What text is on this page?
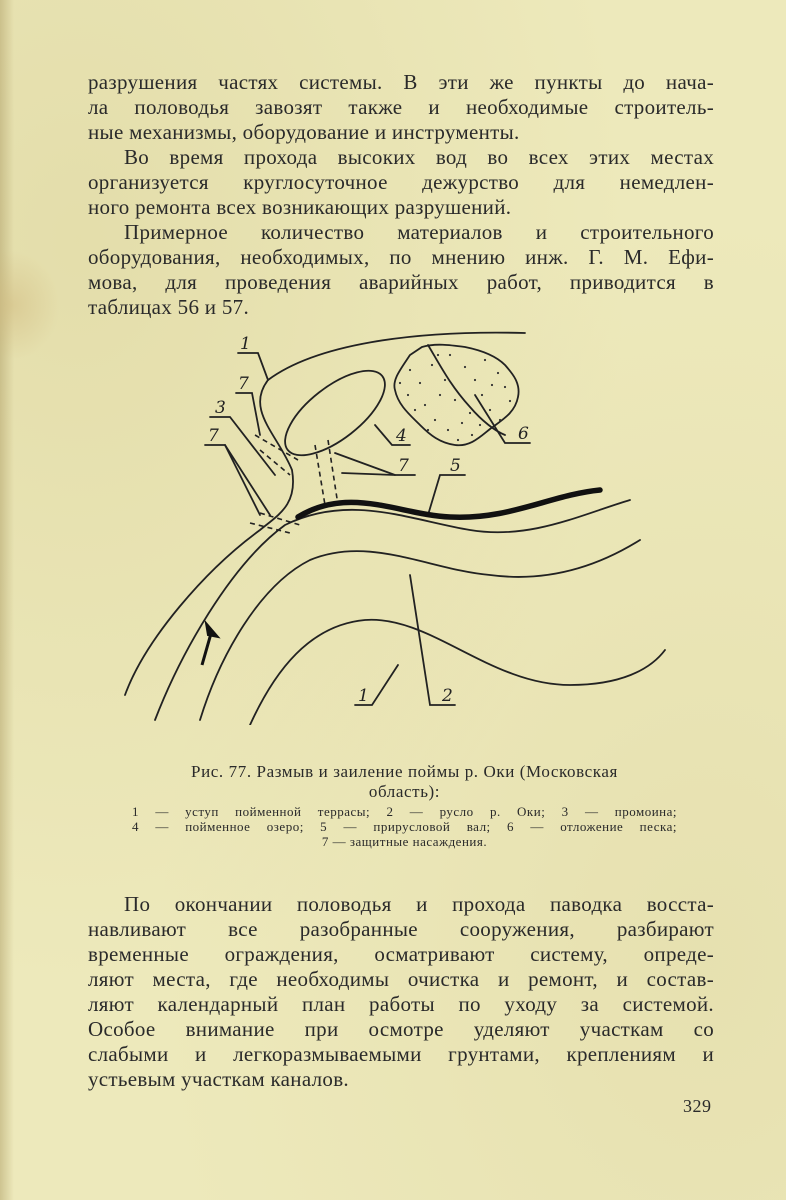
разрушения частях системы. В эти же пункты до нача-
ла половодья завозят также и необходимые строитель-
ные механизмы, оборудование и инструменты.

Во время прохода высоких вод во всех этих местах
организуется круглосуточное дежурство для немедлен-
ного ремонта всех возникающих разрушений.

Примерное количество материалов и строительного
оборудования, необходимых, по мнению инж. Г. М. Ефи-
мова, для проведения аварийных работ, приводится в
таблицах 56 и 57.

1
7
3
7	4	6
7 5
1	2
Рис. 77. Размыв и заиление поймы р. Оки (Московская
область):
1 — уступ пойменной террасы; 2 — русло р. Оки; 3 — промоина;
4 — пойменное озеро; 5 — прирусловой вал; 6 — отложение песка;
7 — защитные насаждения.

По окончании половодья и прохода паводка восста-
навливают все разобранные сооружения, разбирают
временные ограждения, осматривают систему, опреде-
ляют места, где необходимы очистка и ремонт, и состав-
ляют календарный план работы по уходу за системой.
Особое внимание при осмотре уделяют участкам со
слабыми и легкоразмываемыми грунтами, креплениям и
устьевым участкам каналов.

329
